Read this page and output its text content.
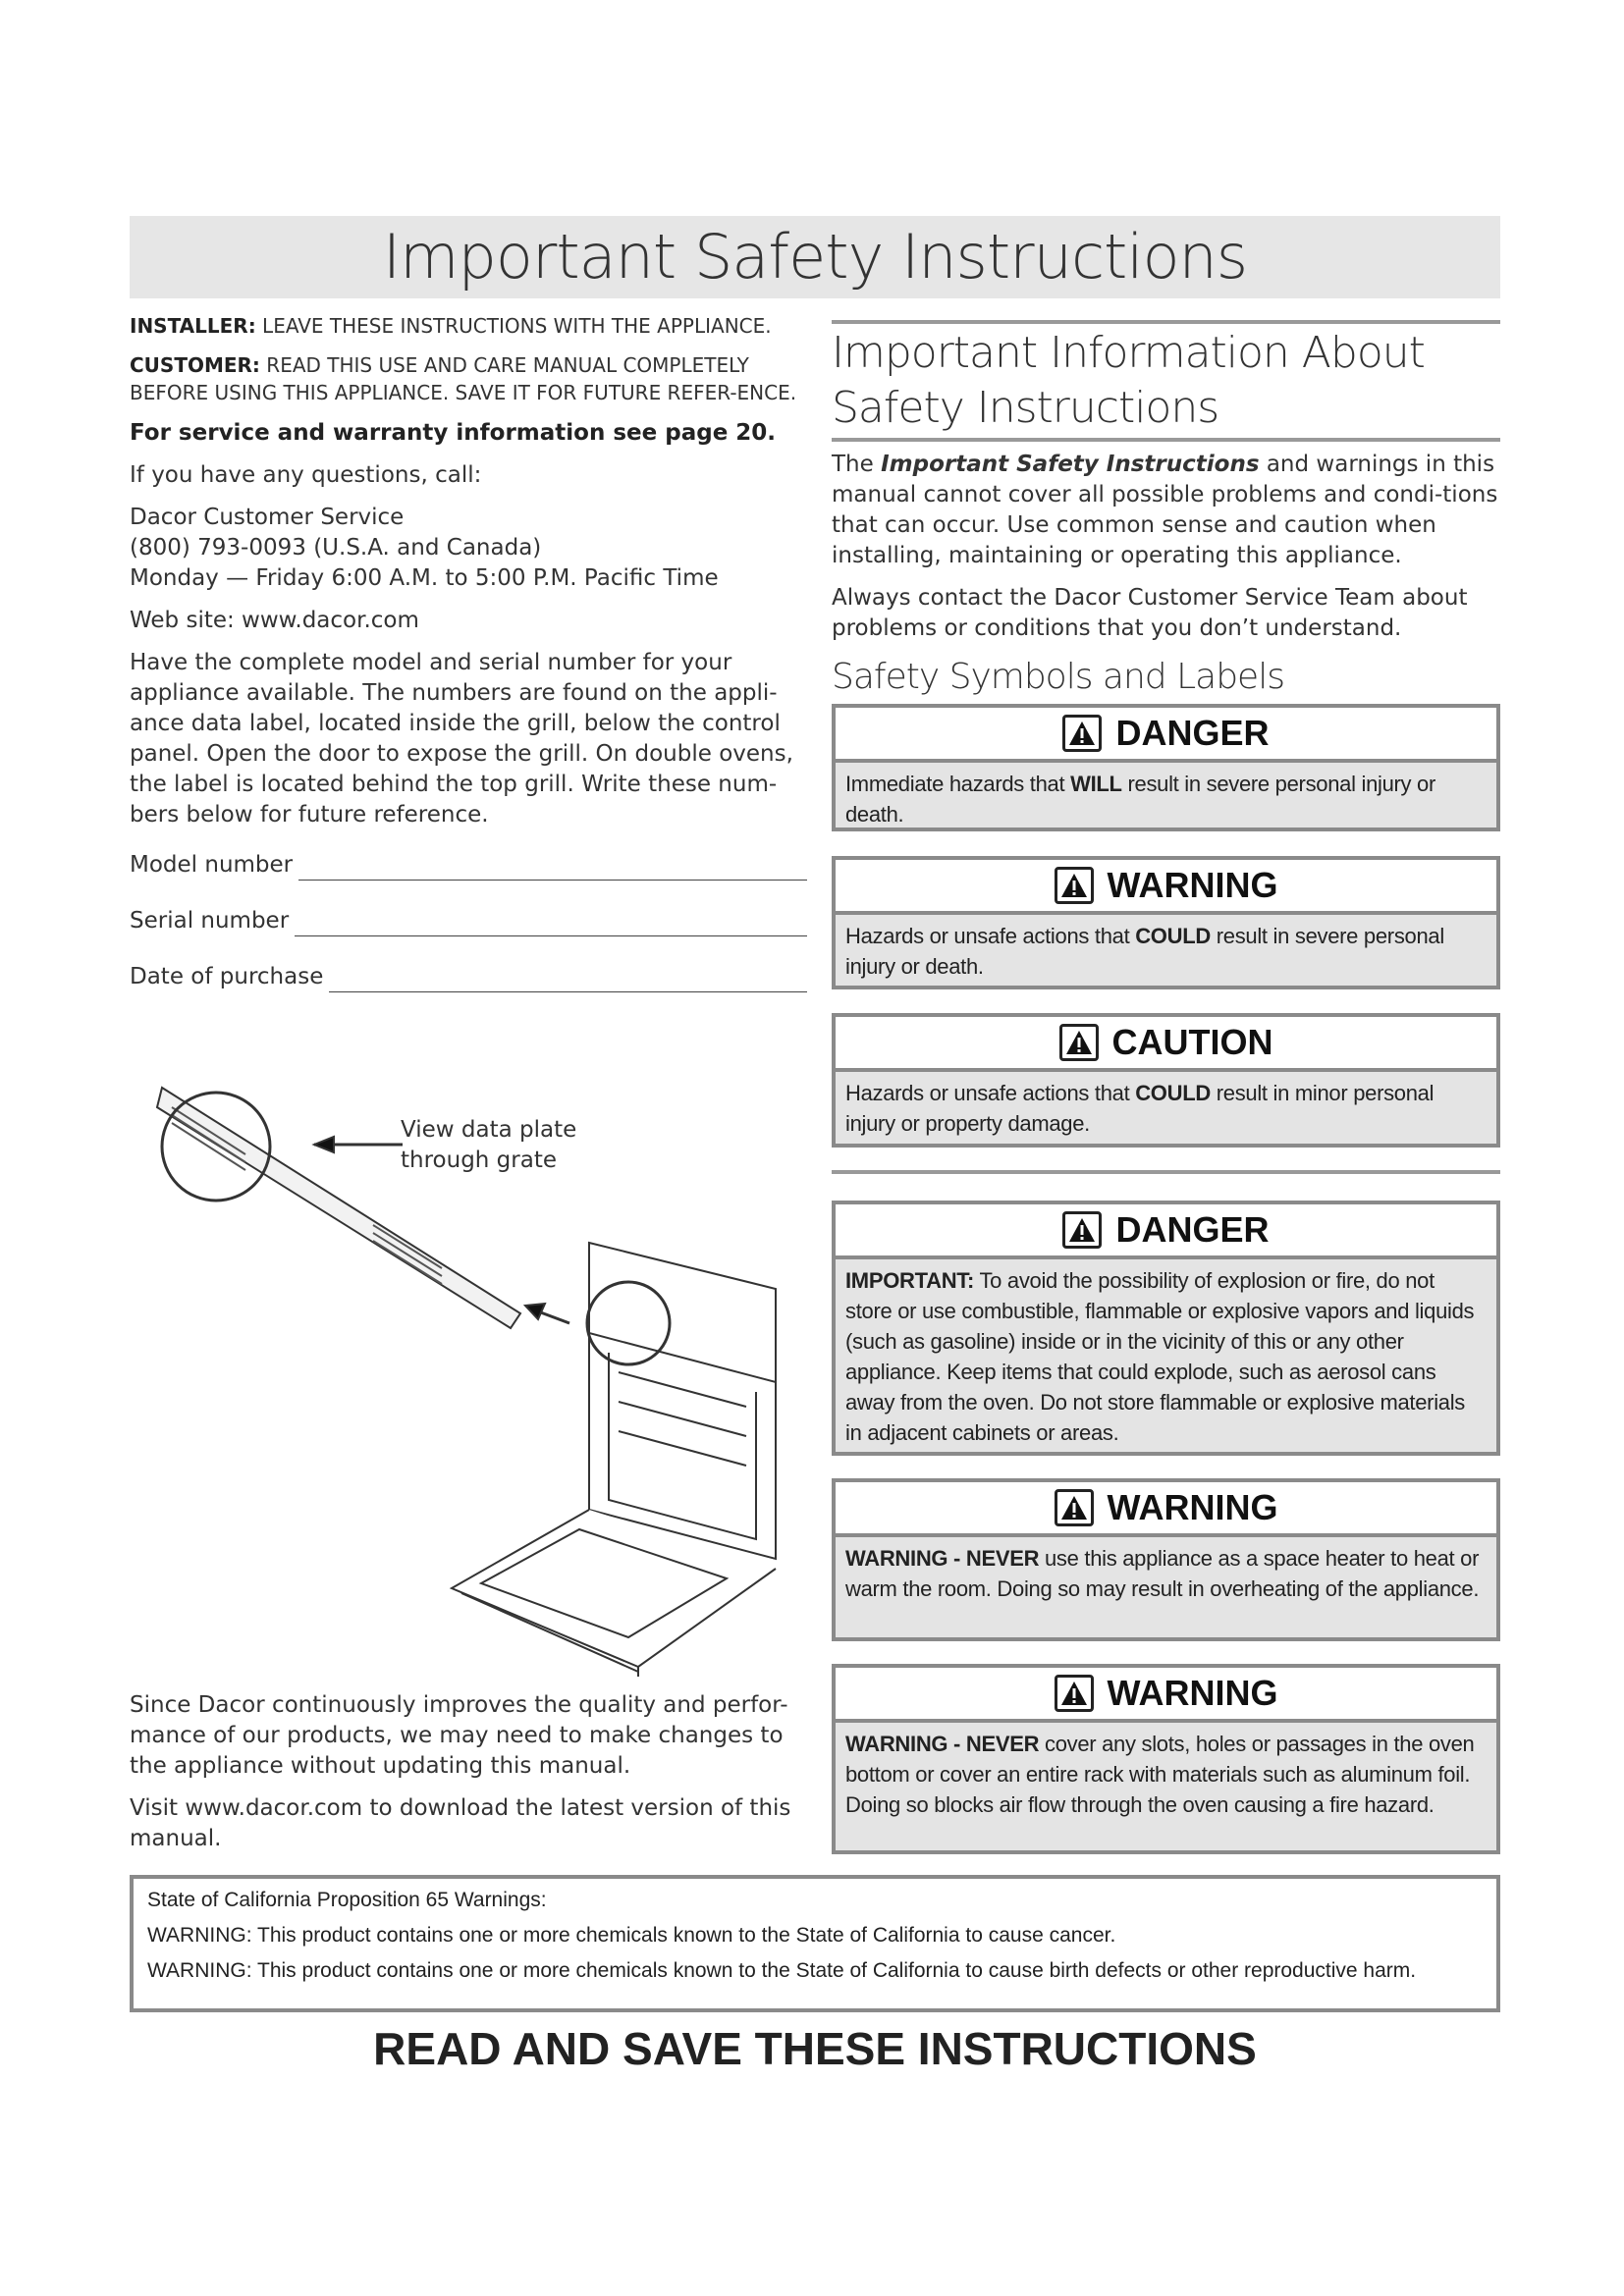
Important Safety Instructions

INSTALLER: LEAVE THESE INSTRUCTIONS WITH THE APPLIANCE.

CUSTOMER: READ THIS USE AND CARE MANUAL COMPLETELY BEFORE USING THIS APPLIANCE. SAVE IT FOR FUTURE REFER-ENCE.

For service and warranty information see page 20.

If you have any questions, call:

Dacor Customer Service
(800) 793-0093 (U.S.A. and Canada)
Monday — Friday 6:00 A.M. to 5:00 P.M. Pacific Time

Web site: www.dacor.com

Have the complete model and serial number for your appliance available. The numbers are found on the appli-ance data label, located inside the grill, below the control panel. Open the door to expose the grill. On double ovens, the label is located behind the top grill. Write these num-bers below for future reference.

Model number
Serial number
Date of purchase
View data plate through grate

Since Dacor continuously improves the quality and perfor-mance of our products, we may need to make changes to the appliance without updating this manual.

Visit www.dacor.com to download the latest version of this manual.

Important Information About Safety Instructions

The Important Safety Instructions and warnings in this manual cannot cover all possible problems and condi-tions that can occur. Use common sense and caution when installing, maintaining or operating this appliance.

Always contact the Dacor Customer Service Team about problems or conditions that you don’t understand.

Safety Symbols and Labels
DANGER
Immediate hazards that WILL result in severe personal injury or death.
WARNING
Hazards or unsafe actions that COULD result in severe personal injury or death.
CAUTION
Hazards or unsafe actions that COULD result in minor personal injury or property damage.
DANGER
IMPORTANT: To avoid the possibility of explosion or fire, do not store or use combustible, flammable or explosive vapors and liquids (such as gasoline) inside or in the vicinity of this or any other appliance. Keep items that could explode, such as aerosol cans away from the oven. Do not store flammable or explosive materials in adjacent cabinets or areas.
WARNING
WARNING - NEVER use this appliance as a space heater to heat or warm the room. Doing so may result in overheating of the appliance.
WARNING
WARNING - NEVER cover any slots, holes or passages in the oven bottom or cover an entire rack with materials such as aluminum foil. Doing so blocks air flow through the oven causing a fire hazard.

State of California Proposition 65 Warnings:

WARNING: This product contains one or more chemicals known to the State of California to cause cancer.

WARNING: This product contains one or more chemicals known to the State of California to cause birth defects or other reproductive harm.

READ AND SAVE THESE INSTRUCTIONS
